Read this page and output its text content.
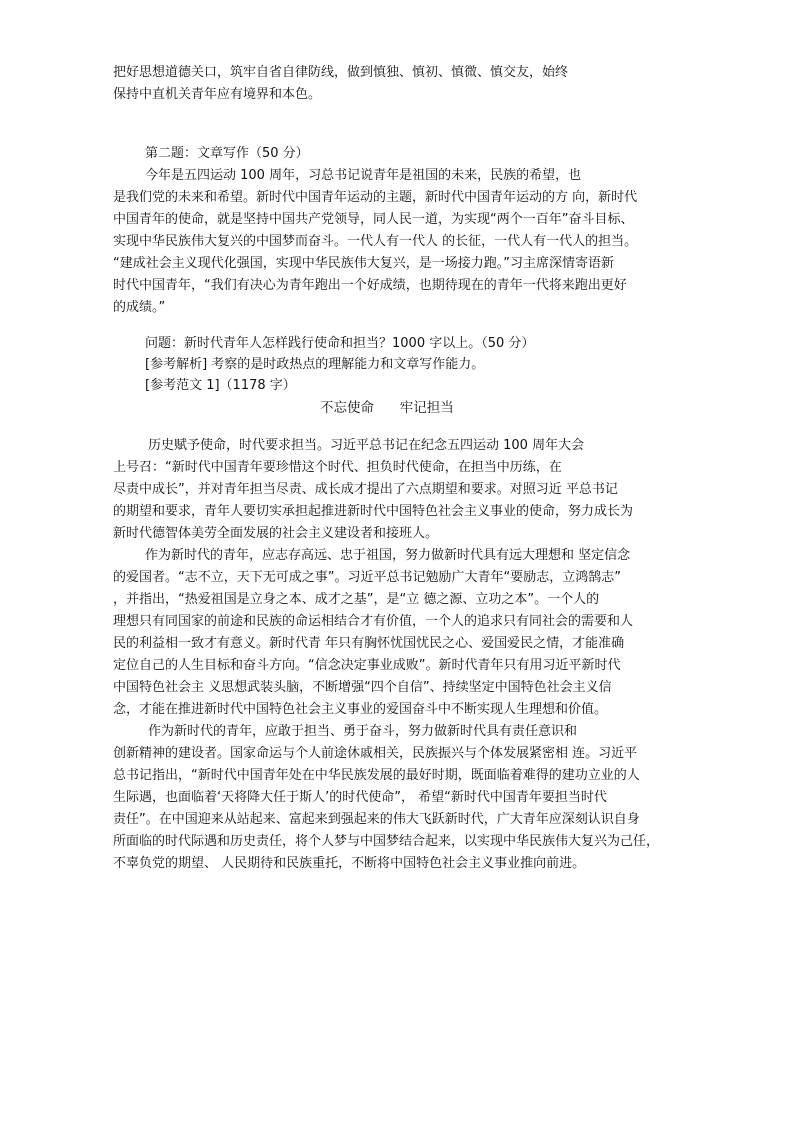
把好思想道德关口，筑牢自省自律防线，做到慎独、慎初、慎微、慎交友，始终
保持中直机关青年应有境界和本色。
第二题：文章写作（50 分）
今年是五四运动 100 周年，习总书记说青年是祖国的未来，民族的希望，也
是我们党的未来和希望。新时代中国青年运动的主题，新时代中国青年运动的方 向，新时代
中国青年的使命，就是坚持中国共产党领导，同人民一道，为实现“两个一百年”奋斗目标、
实现中华民族伟大复兴的中国梦而奋斗。一代人有一代人 的长征，一代人有一代人的担当。
“建成社会主义现代化强国，实现中华民族伟大复兴，是一场接力跑。”习主席深情寄语新
时代中国青年，“我们有决心为青年跑出一个好成绩，也期待现在的青年一代将来跑出更好
的成绩。”
问题：新时代青年人怎样践行使命和担当？1000 字以上。（50 分）
[参考解析] 考察的是时政热点的理解能力和文章写作能力。
[参考范文 1]（1178 字）
不忘使命      牢记担当
历史赋予使命，时代要求担当。习近平总书记在纪念五四运动 100 周年大会
上号召：“新时代中国青年要珍惜这个时代、担负时代使命，在担当中历练，在
尽责中成长”，并对青年担当尽责、成长成才提出了六点期望和要求。对照习近 平总书记
的期望和要求，青年人要切实承担起推进新时代中国特色社会主义事业的使命，努力成长为
新时代德智体美劳全面发展的社会主义建设者和接班人。
作为新时代的青年，应志存高远、忠于祖国，努力做新时代具有远大理想和 坚定信念
的爱国者。“志不立，天下无可成之事”。习近平总书记勉励广大青年“要励志，立鸿鹄志”
，并指出，“热爱祖国是立身之本、成才之基”，是“立 德之源、立功之本”。一个人的
理想只有同国家的前途和民族的命运相结合才有价值，一个人的追求只有同社会的需要和人
民的利益相一致才有意义。新时代青 年只有胸怀忧国忧民之心、爱国爱民之情，才能准确
定位自己的人生目标和奋斗方向。“信念决定事业成败”。新时代青年只有用习近平新时代
中国特色社会主 义思想武装头脑，不断增强“四个自信”、持续坚定中国特色社会主义信
念，才能在推进新时代中国特色社会主义事业的爱国奋斗中不断实现人生理想和价值。
作为新时代的青年，应敢于担当、勇于奋斗，努力做新时代具有责任意识和
创新精神的建设者。国家命运与个人前途休戚相关，民族振兴与个体发展紧密相 连。习近平
总书记指出，“新时代中国青年处在中华民族发展的最好时期，既面临着难得的建功立业的人
生际遇，也面临着‘天将降大任于斯人’的时代使命”， 希望“新时代中国青年要担当时代
责任”。在中国迎来从站起来、富起来到强起来的伟大飞跃新时代，广大青年应深刻认识自身
所面临的时代际遇和历史责任，将个人梦与中国梦结合起来，以实现中华民族伟大复兴为己任，
不辜负党的期望、 人民期待和民族重托，不断将中国特色社会主义事业推向前进。
